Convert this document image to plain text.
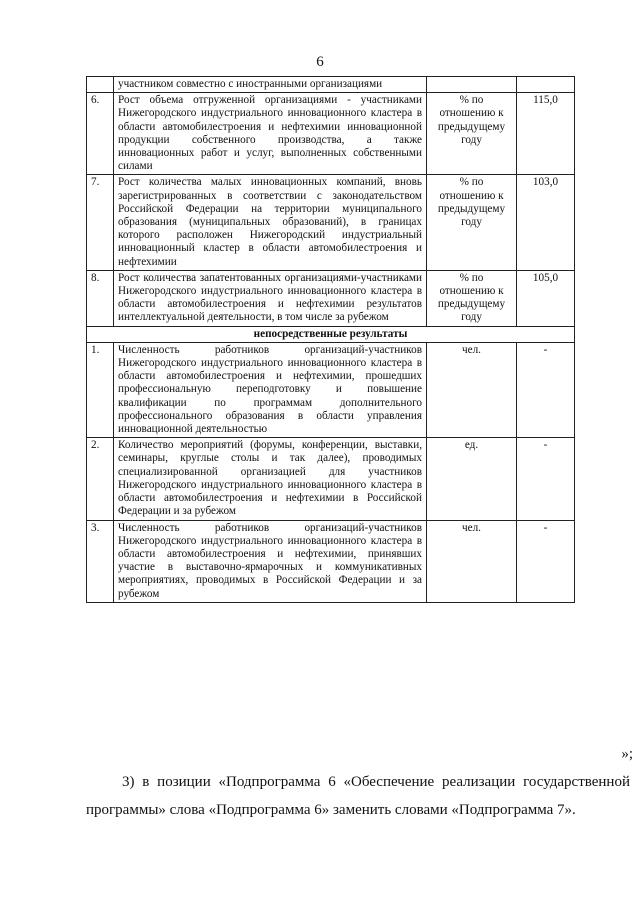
6
	участником совместно с иностранными организациями		
6.	Рост объема отгруженной организациями - участниками Нижегородского индустриального инновационного кластера в области автомобилестроения и нефтехимии инновационной продукции собственного производства, а также инновационных работ и услуг, выполненных собственными силами	% по отношению к предыдущему году	115,0
7.	Рост количества малых инновационных компаний, вновь зарегистрированных в соответствии с законодательством Российской Федерации на территории муниципального образования (муниципальных образований), в границах которого расположен Нижегородский индустриальный инновационный кластер в области автомобилестроения и нефтехимии	% по отношению к предыдущему году	103,0
8.	Рост количества запатентованных организациями-участниками Нижегородского индустриального инновационного кластера в области автомобилестроения и нефтехимии результатов интеллектуальной деятельности, в том числе за рубежом	% по отношению к предыдущему году	105,0
непосредственные результаты			
1.	Численность работников организаций-участников Нижегородского индустриального инновационного кластера в области автомобилестроения и нефтехимии, прошедших профессиональную переподготовку и повышение квалификации по программам дополнительного профессионального образования в области управления инновационной деятельностью	чел.	-
2.	Количество мероприятий (форумы, конференции, выставки, семинары, круглые столы и так далее), проводимых специализированной организацией для участников Нижегородского индустриального инновационного кластера в области автомобилестроения и нефтехимии в Российской Федерации и за рубежом	ед.	-
3.	Численность работников организаций-участников Нижегородского индустриального инновационного кластера в области автомобилестроения и нефтехимии, принявших участие в выставочно-ярмарочных и коммуникативных мероприятиях, проводимых в Российской Федерации и за рубежом	чел.	-
»;
3) в позиции «Подпрограмма 6 «Обеспечение реализации государственной программы» слова «Подпрограмма 6» заменить словами «Подпрограмма 7».
